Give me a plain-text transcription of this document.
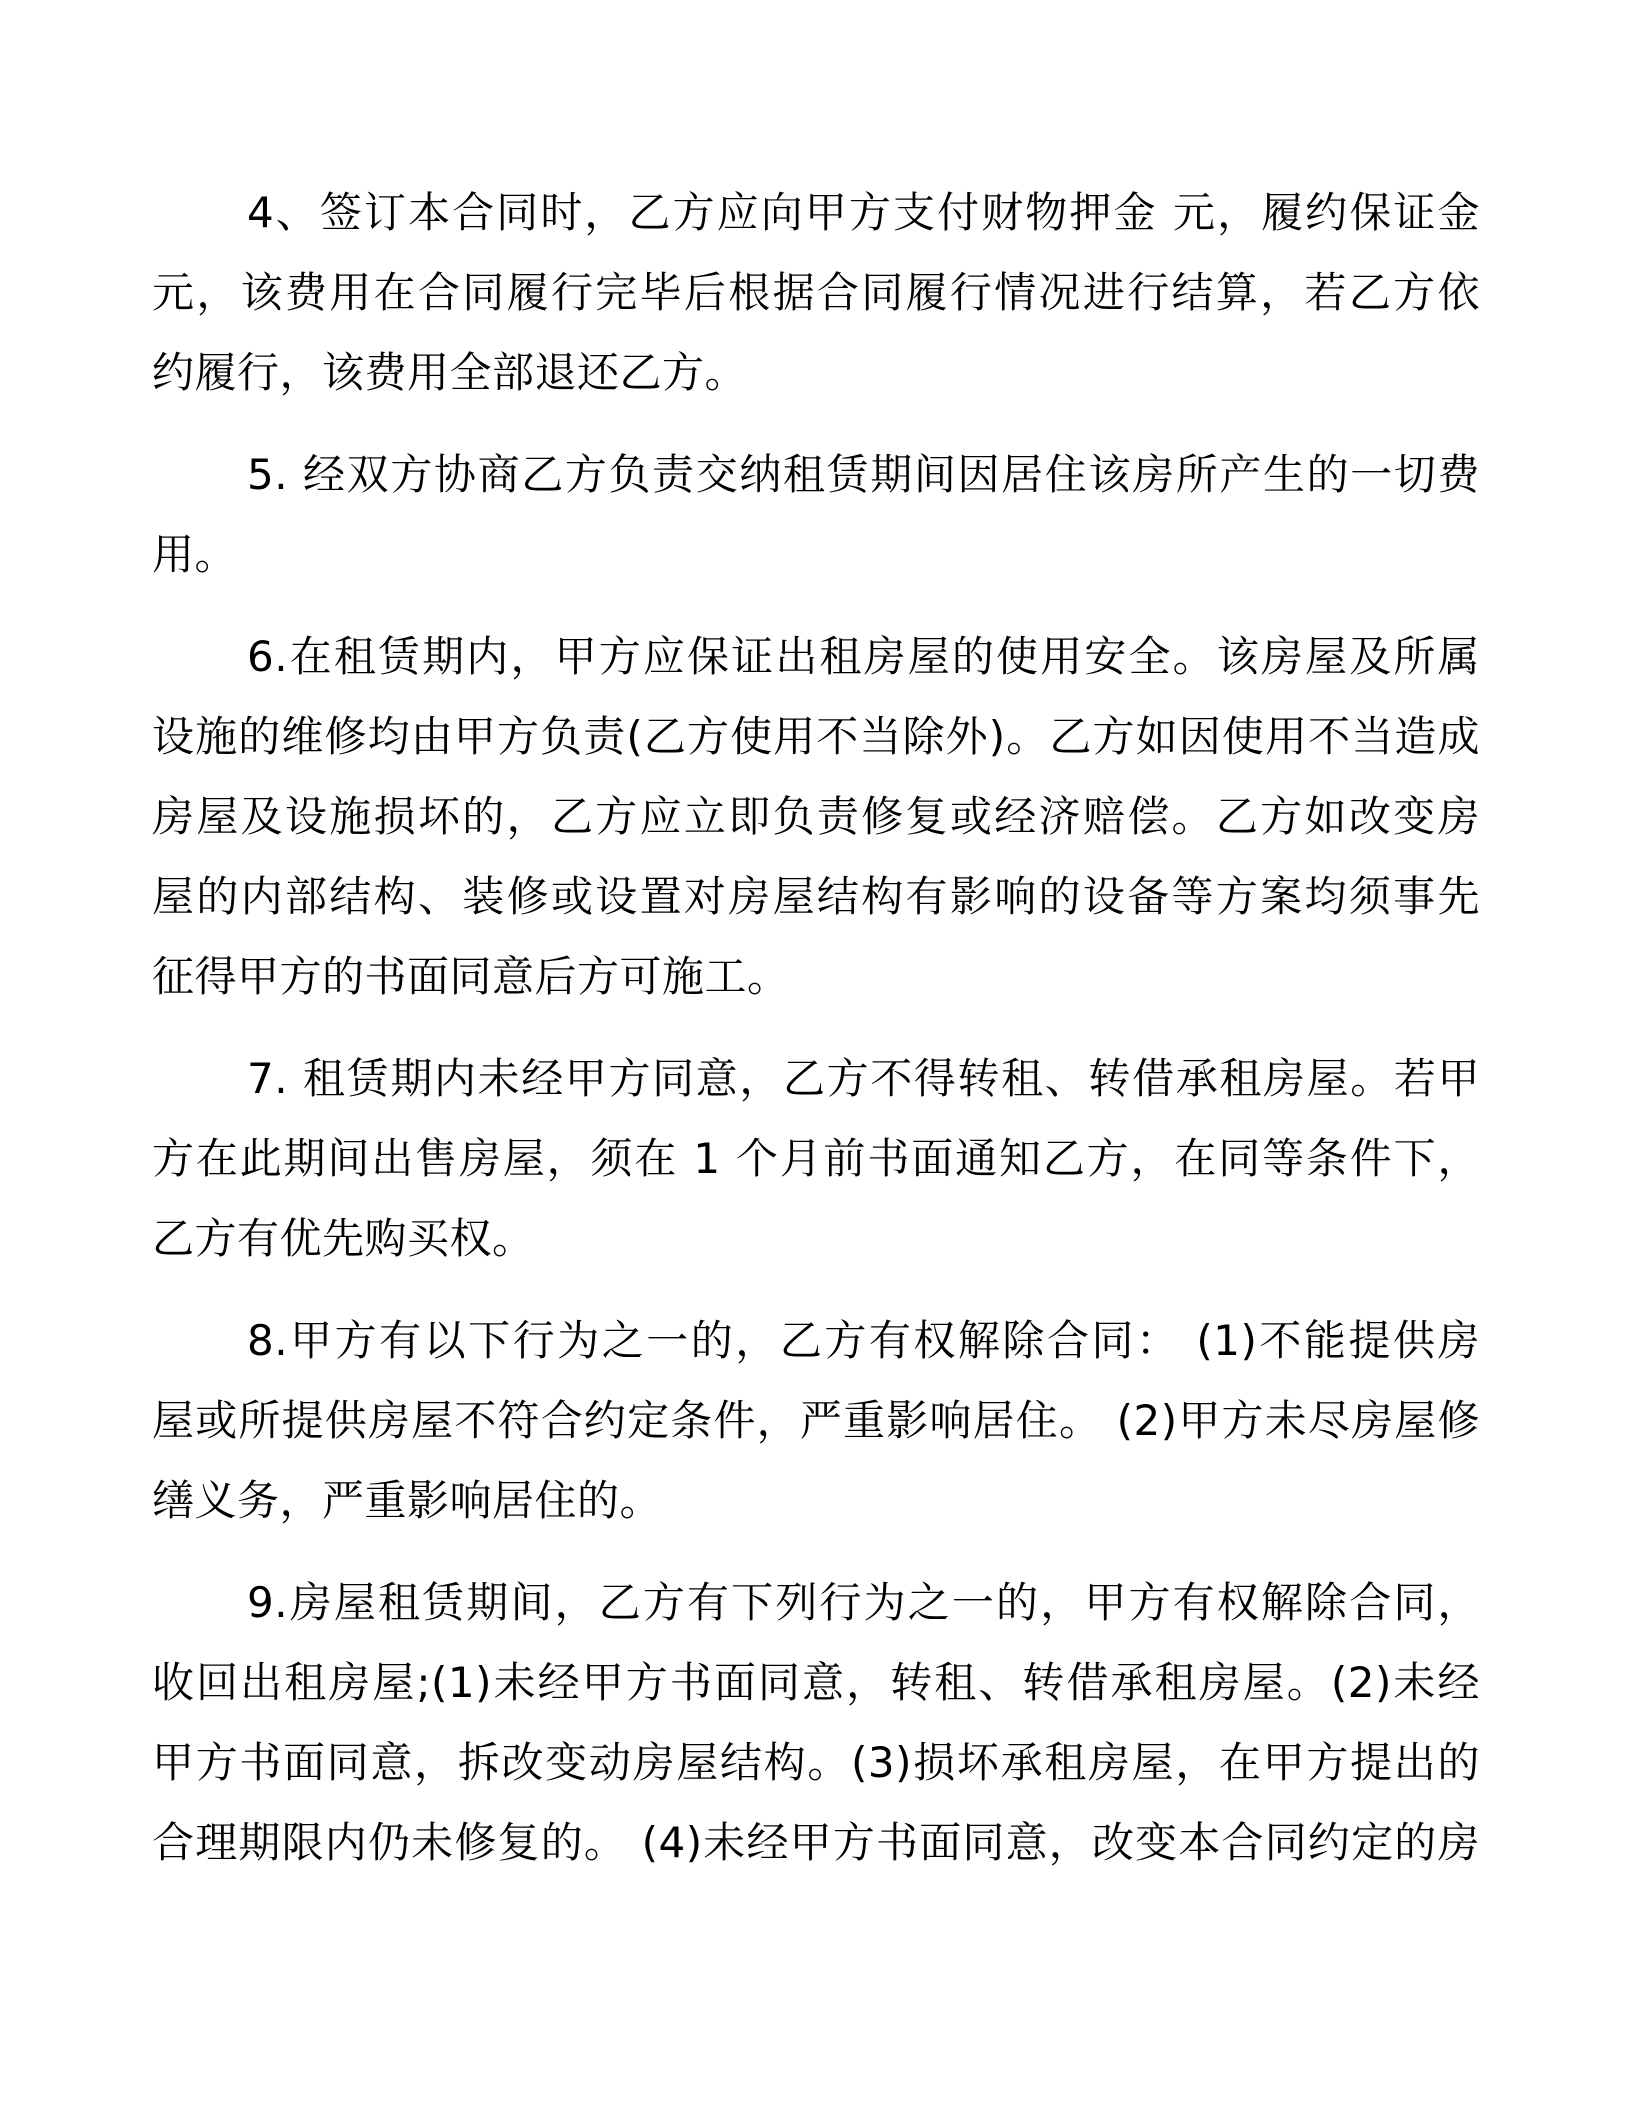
4、签订本合同时，乙方应向甲方支付财物押金 元，履约保证金
元，该费用在合同履行完毕后根据合同履行情况进行结算，若乙方依
约履行，该费用全部退还乙方。
5. 经双方协商乙方负责交纳租赁期间因居住该房所产生的一切费
用。
6.在租赁期内，甲方应保证出租房屋的使用安全。该房屋及所属
设施的维修均由甲方负责(乙方使用不当除外)。乙方如因使用不当造成
房屋及设施损坏的，乙方应立即负责修复或经济赔偿。乙方如改变房
屋的内部结构、装修或设置对房屋结构有影响的设备等方案均须事先
征得甲方的书面同意后方可施工。
7. 租赁期内未经甲方同意，乙方不得转租、转借承租房屋。若甲
方在此期间出售房屋，须在 1 个月前书面通知乙方，在同等条件下，
乙方有优先购买权。
8.甲方有以下行为之一的，乙方有权解除合同： (1)不能提供房
屋或所提供房屋不符合约定条件，严重影响居住。 (2)甲方未尽房屋修
缮义务，严重影响居住的。
9.房屋租赁期间，乙方有下列行为之一的，甲方有权解除合同，
收回出租房屋;(1)未经甲方书面同意，转租、转借承租房屋。(2)未经
甲方书面同意，拆改变动房屋结构。(3)损坏承租房屋，在甲方提出的
合理期限内仍未修复的。 (4)未经甲方书面同意，改变本合同约定的房
